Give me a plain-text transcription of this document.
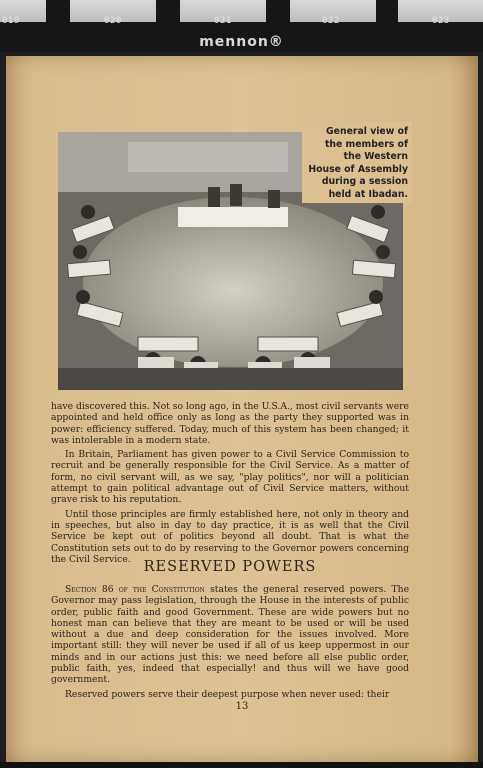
019	020	021	022	023
mennon®
General view of the members of the Western House of Assembly during a session held at Ibadan.

have discovered this. Not so long ago, in the U.S.A., most civil servants were appointed and held office only as long as the party they supported was in power: efficiency suffered. Today, much of this system has been changed; it was intolerable in a modern state.

In Britain, Parliament has given power to a Civil Service Commission to recruit and be generally responsible for the Civil Service. As a matter of form, no civil servant will, as we say, "play politics", nor will a politician attempt to gain political advantage out of Civil Service matters, without grave risk to his reputation.

Until those principles are firmly established here, not only in theory and in speeches, but also in day to day practice, it is as well that the Civil Service be kept out of politics beyond all doubt. That is what the Constitution sets out to do by reserving to the Governor powers concerning the Civil Service. RESERVED POWERS

Section 86 of the Constitution states the general reserved powers. The Governor may pass legislation, through the House in the interests of public order, public faith and good Government. These are wide powers but no honest man can believe that they are meant to be used or will be used without a due and deep consideration for the issues involved. More important still: they will never be used if all of us keep uppermost in our minds and in our actions just this: we need before all else public order, public faith, yes, indeed that especially! and thus will we have good government.

Reserved powers serve their deepest purpose when never used: their

13
